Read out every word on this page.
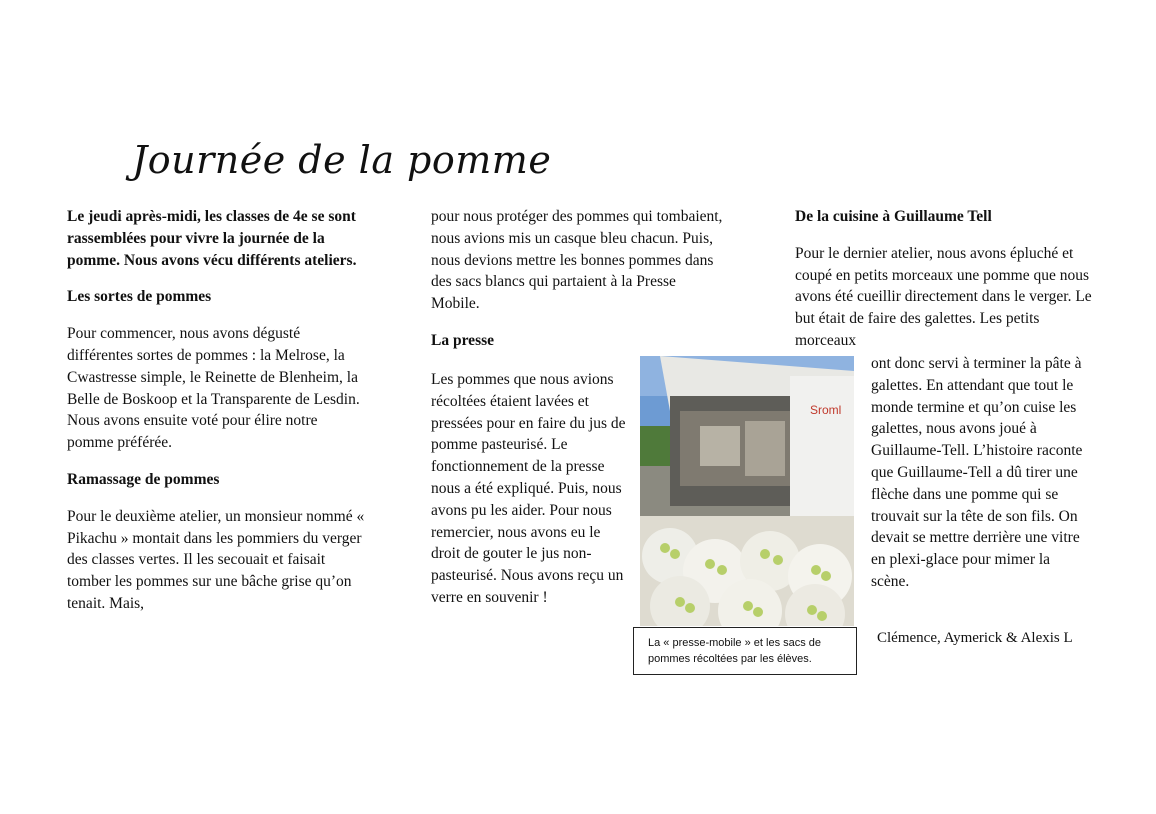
Journée de la pomme

Le jeudi après-midi, les classes de 4e se sont rassemblées pour vivre la journée de la pomme. Nous avons vécu différents ateliers.

Les sortes de pommes

Pour commencer, nous avons dégusté différentes sortes de pommes : la Melrose, la Cwastresse simple, le Reinette de Blenheim, la Belle de Boskoop et la Transparente de Lesdin. Nous avons ensuite voté pour élire notre pomme préférée.

Ramassage de pommes

Pour le deuxième atelier, un monsieur nommé « Pikachu » montait dans les pommiers du verger des classes vertes. Il les secouait et faisait tomber les pommes sur une bâche grise qu’on tenait. Mais,

pour nous protéger des pommes qui tombaient, nous avions mis un casque bleu chacun. Puis, nous devions mettre les bonnes pommes dans des sacs blancs qui partaient à la Presse Mobile.

La presse

Les pommes que nous avions récoltées étaient lavées et pressées pour en faire du jus de pomme pasteurisé. Le fonctionnement de la presse nous a été expliqué. Puis, nous avons pu les aider. Pour nous remercier, nous avons eu le droit de gouter le jus non-pasteurisé. Nous avons reçu un verre en souvenir !

De la cuisine à Guillaume Tell

Pour le dernier atelier, nous avons épluché et coupé en petits morceaux une pomme que nous avons été cueillir directement dans le verger. Le but était de faire des galettes. Les petits morceaux

ont donc servi à terminer la pâte à galettes. En attendant que tout le monde termine et qu’on cuise les galettes, nous avons joué à Guillaume-Tell. L’histoire raconte que Guillaume-Tell a dû tirer une flèche dans une pomme qui se trouvait sur la tête de son fils. On devait se mettre derrière une vitre en plexi-glace pour mimer la scène.
Clémence, Aymerick & Alexis L
Sroml
La « presse-mobile » et les sacs de pommes récoltées par les élèves.
